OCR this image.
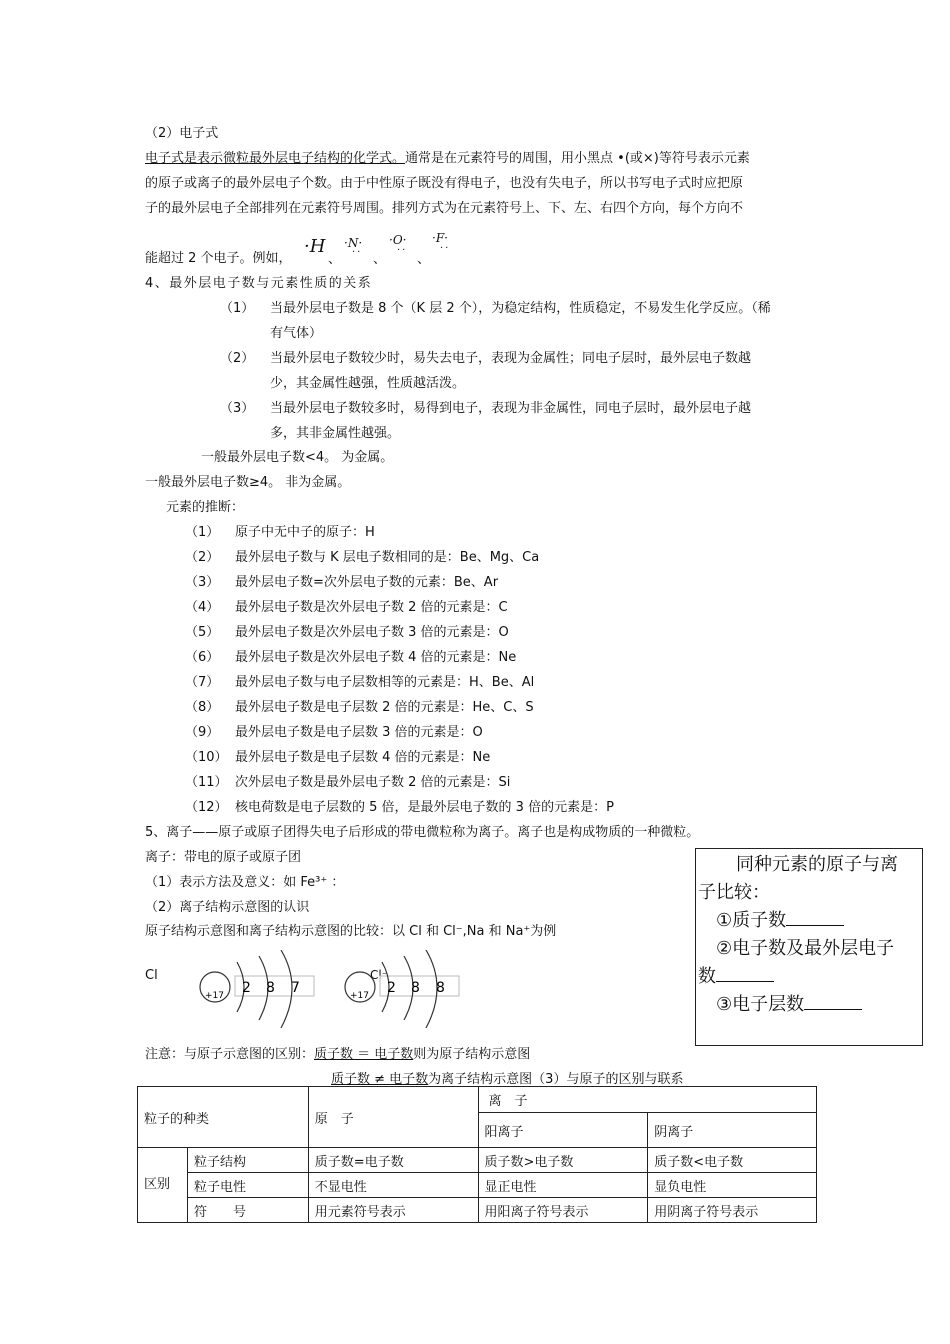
（2）电子式
电子式是表示微粒最外层电子结构的化学式。通常是在元素符号的周围，用小黑点 •(或×)等符号表示元素
的原子或离子的最外层电子个数。由于中性原子既没有得电子，也没有失电子，所以书写电子式时应把原
子的最外层电子全部排列在元素符号周围。排列方式为在元素符号上、下、左、右四个方向，每个方向不
能超过 2 个电子。例如，
·H
、
·N·
·· 、
·O·
··
、
·F·
··
4、最外层电子数与元素性质的关系
（1） 当最外层电子数是 8 个（K 层 2 个），为稳定结构，性质稳定，不易发生化学反应。（稀
有气体）
（2） 当最外层电子数较少时，易失去电子，表现为金属性；同电子层时，最外层电子数越
少，其金属性越强，性质越活泼。
（3） 当最外层电子数较多时，易得到电子，表现为非金属性，同电子层时，最外层电子越
多，其非金属性越强。
一般最外层电子数<4。 为金属。
一般最外层电子数≥4。 非为金属。
元素的推断：
（1） 原子中无中子的原子：H
（2） 最外层电子数与 K 层电子数相同的是：Be、Mg、Ca
（3） 最外层电子数=次外层电子数的元素：Be、Ar
（4） 最外层电子数是次外层电子数 2 倍的元素是：C
（5） 最外层电子数是次外层电子数 3 倍的元素是：O
（6） 最外层电子数是次外层电子数 4 倍的元素是：Ne
（7） 最外层电子数与电子层数相等的元素是：H、Be、Al
（8） 最外层电子数是电子层数 2 倍的元素是：He、C、S
（9） 最外层电子数是电子层数 3 倍的元素是：O
（10） 最外层电子数是电子层数 4 倍的元素是：Ne
（11） 次外层电子数是最外层电子数 2 倍的元素是：Si
（12） 核电荷数是电子层数的 5 倍，是最外层电子数的 3 倍的元素是：P
5、离子——原子或原子团得失电子后形成的带电微粒称为离子。离子也是构成物质的一种微粒。
离子：带电的原子或原子团
（1）表示方法及意义：如 Fe³⁺ ：
（2）离子结构示意图的认识
原子结构示意图和离子结构示意图的比较：以 Cl 和 Cl⁻,Na 和 Na⁺为例
同种元素的原子与离
子比较：
①质子数
②电子数及最外层电子
数
③电子层数
Cl
+17 2 8 7
Cl⁻
+17 2 8 8
注意：与原子示意图的区别：质子数 ＝ 电子数则为原子结构示意图
质子数 ≠ 电子数为离子结构示意图（3）与原子的区别与联系
粒子的种类		原　子	离　子	
			阳离子	阴离子
区别	粒子结构	质子数=电子数	质子数>电子数	质子数<电子数
	粒子电性	不显电性	显正电性	显负电性
	符　　号	用元素符号表示	用阳离子符号表示	用阴离子符号表示
